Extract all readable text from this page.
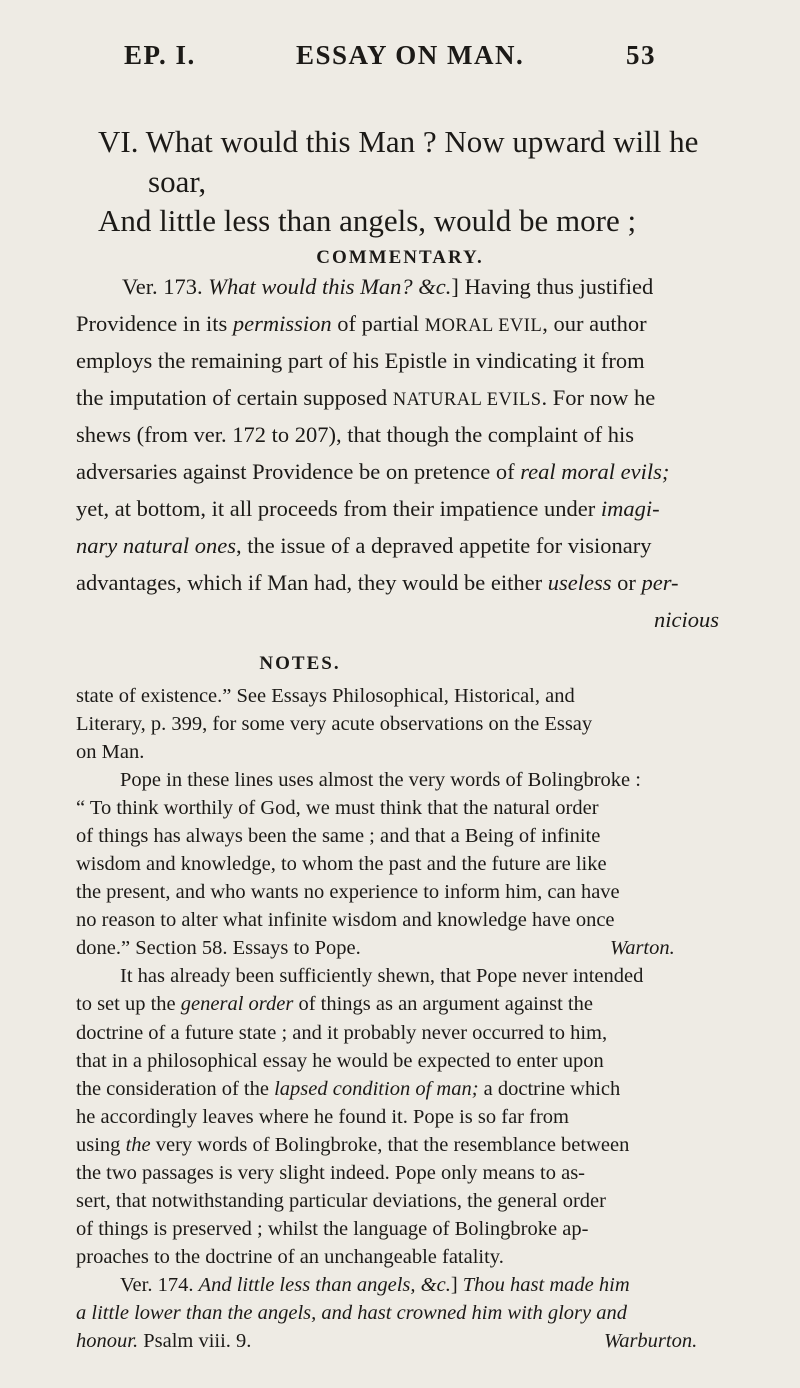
EP. I.	ESSAY ON MAN.	53
VI. What would this Man ? Now upward will he
soar,
And little less than angels, would be more ;
COMMENTARY.
Ver. 173. What would this Man? &c.] Having thus justified
Providence in its permission of partial MORAL EVIL, our author
employs the remaining part of his Epistle in vindicating it from
the imputation of certain supposed NATURAL EVILS. For now he
shews (from ver. 172 to 207), that though the complaint of his
adversaries against Providence be on pretence of real moral evils;
yet, at bottom, it all proceeds from their impatience under imagi-
nary natural ones, the issue of a depraved appetite for visionary
advantages, which if Man had, they would be either useless or per-
nicious
NOTES.
state of existence.” See Essays Philosophical, Historical, and
Literary, p. 399, for some very acute observations on the Essay
on Man.
Pope in these lines uses almost the very words of Bolingbroke :
“ To think worthily of God, we must think that the natural order
of things has always been the same ; and that a Being of infinite
wisdom and knowledge, to whom the past and the future are like
the present, and who wants no experience to inform him, can have
no reason to alter what infinite wisdom and knowledge have once
done.” Section 58. Essays to Pope.	Warton.
It has already been sufficiently shewn, that Pope never intended
to set up the general order of things as an argument against the
doctrine of a future state ; and it probably never occurred to him,
that in a philosophical essay he would be expected to enter upon
the consideration of the lapsed condition of man; a doctrine which
he accordingly leaves where he found it. Pope is so far from
using the very words of Bolingbroke, that the resemblance between
the two passages is very slight indeed. Pope only means to as-
sert, that notwithstanding particular deviations, the general order
of things is preserved ; whilst the language of Bolingbroke ap-
proaches to the doctrine of an unchangeable fatality.
Ver. 174. And little less than angels, &c.] Thou hast made him
a little lower than the angels, and hast crowned him with glory and
honour. Psalm viii. 9.	Warburton.
